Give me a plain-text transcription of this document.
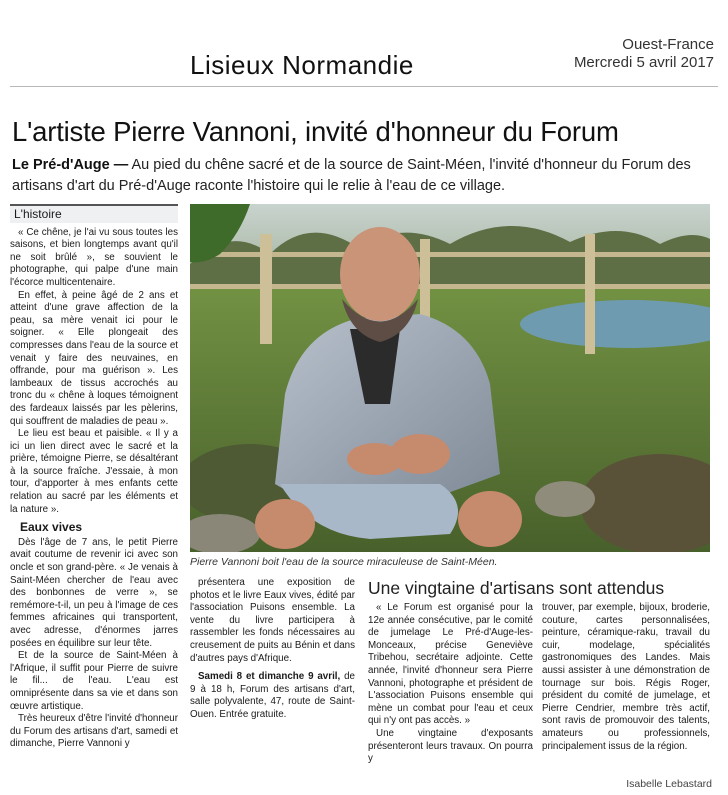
Lisieux Normandie
Ouest-France
Mercredi 5 avril 2017
L'artiste Pierre Vannoni, invité d'honneur du Forum
Le Pré-d'Auge — Au pied du chêne sacré et de la source de Saint-Méen, l'invité d'honneur du Forum des artisans d'art du Pré-d'Auge raconte l'histoire qui le relie à l'eau de ce village.
L'histoire

« Ce chêne, je l'ai vu sous toutes les saisons, et bien longtemps avant qu'il ne soit brûlé », se souvient le photographe, qui palpe d'une main l'écorce multicentenaire.

En effet, à peine âgé de 2 ans et atteint d'une grave affection de la peau, sa mère venait ici pour le soigner. « Elle plongeait des compresses dans l'eau de la source et venait y faire des neuvaines, en offrande, pour ma guérison ». Les lambeaux de tissus accrochés au tronc du « chêne à loques témoignent des fardeaux laissés par les pèlerins, qui souffrent de maladies de peau ».

Le lieu est beau et paisible. « Il y a ici un lien direct avec le sacré et la prière, témoigne Pierre, se désaltérant à la source fraîche. J'essaie, à mon tour, d'apporter à mes enfants cette relation au sacré par les éléments et la nature ».

Eaux vives

Dès l'âge de 7 ans, le petit Pierre avait coutume de revenir ici avec son oncle et son grand-père. « Je venais à Saint-Méen chercher de l'eau avec des bonbonnes de verre », se remémore-t-il, un peu à l'image de ces femmes africaines qui transportent, avec adresse, d'énormes jarres posées en équilibre sur leur tête.

Et de la source de Saint-Méen à l'Afrique, il suffit pour Pierre de suivre le fil... de l'eau. L'eau est omniprésente dans sa vie et dans son œuvre artistique.

Très heureux d'être l'invité d'honneur du Forum des artisans d'art, samedi et dimanche, Pierre Vannoni y

Pierre Vannoni boit l'eau de la source miraculeuse de Saint-Méen.

présentera une exposition de photos et le livre Eaux vives, édité par l'association Puisons ensemble. La vente du livre participera à rassembler les fonds nécessaires au creusement de puits au Bénin et dans d'autres pays d'Afrique.

Samedi 8 et dimanche 9 avril, de 9 à 18 h, Forum des artisans d'art, salle polyvalente, 47, route de Saint-Ouen. Entrée gratuite.

Une vingtaine d'artisans sont attendus

« Le Forum est organisé pour la 12e année consécutive, par le comité de jumelage Le Pré-d'Auge-les-Monceaux, précise Geneviève Tribehou, secrétaire adjointe. Cette année, l'invité d'honneur sera Pierre Vannoni, photographe et président de L'association Puisons ensemble qui mène un combat pour l'eau et ceux qui n'y ont pas accès. »

Une vingtaine d'exposants présenteront leurs travaux. On pourra y

trouver, par exemple, bijoux, broderie, couture, cartes personnalisées, peinture, céramique-raku, travail du cuir, modelage, spécialités gastronomiques des Landes. Mais aussi assister à une démonstration de tournage sur bois. Régis Roger, président du comité de jumelage, et Pierre Cendrier, membre très actif, sont ravis de promouvoir des talents, amateurs ou professionnels, principalement issus de la région.

Isabelle Lebastard
